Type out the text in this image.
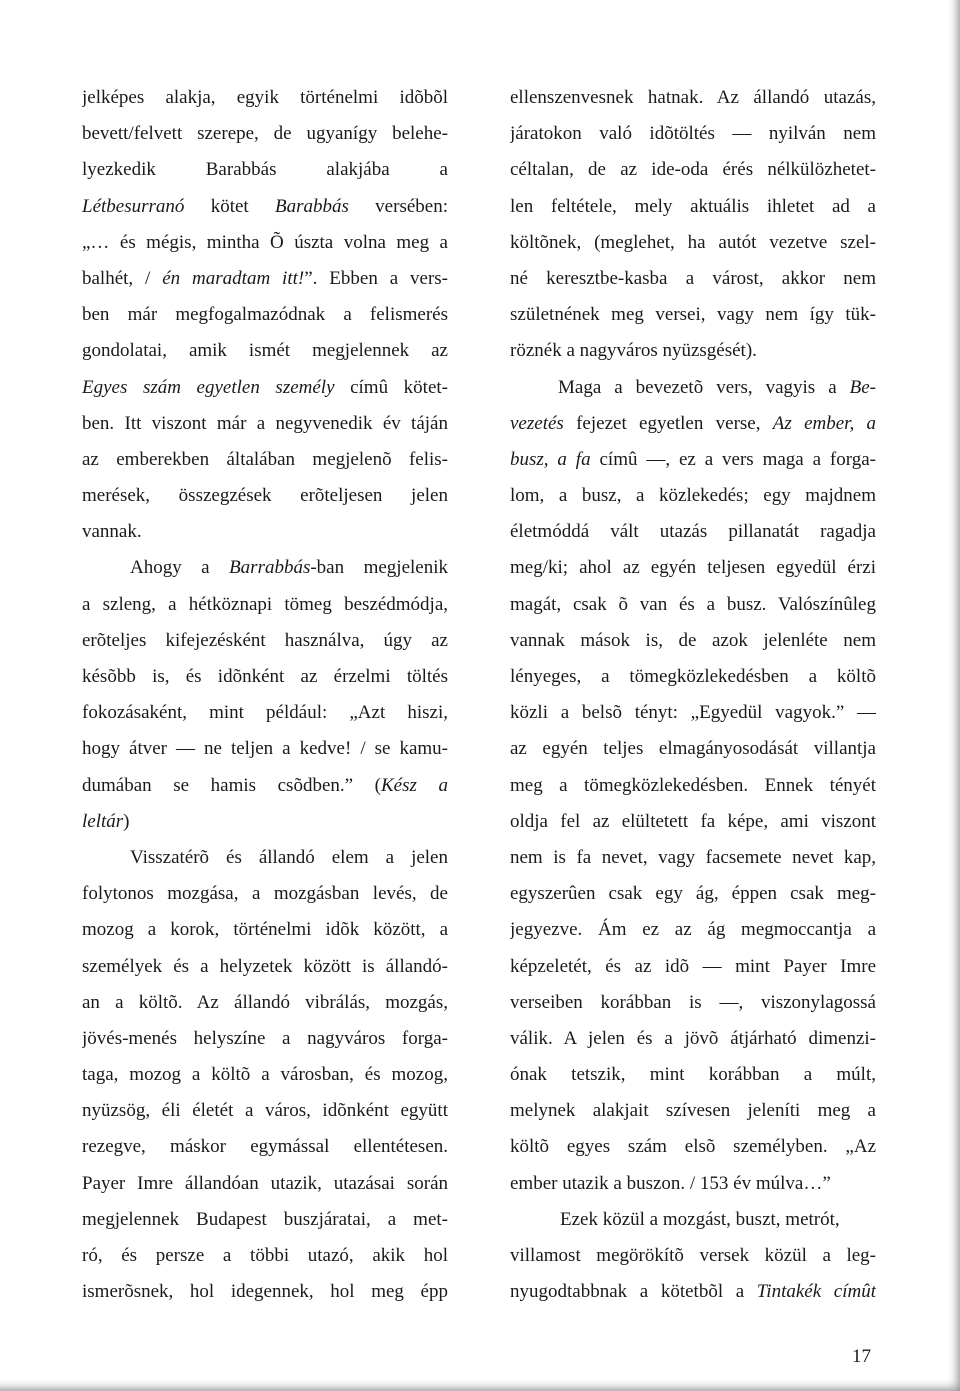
jelképes alakja, egyik történelmi idõbõl
bevett/felvett szerepe, de ugyanígy belehe-
lyezkedik Barabbás alakjába a
Létbesurranó kötet Barabbás versében:
„… és mégis, mintha Õ úszta volna meg a
balhét, / én maradtam itt!”. Ebben a vers-
ben már megfogalmazódnak a felismerés
gondolatai, amik ismét megjelennek az
Egyes szám egyetlen személy címû kötet-
ben. Itt viszont már a negyvenedik év táján
az emberekben általában megjelenõ felis-
merések, összegzések erõteljesen jelen
vannak.
Ahogy a Barrabbás-ban megjelenik
a szleng, a hétköznapi tömeg beszédmódja,
erõteljes kifejezésként használva, úgy az
késõbb is, és idõnként az érzelmi töltés
fokozásaként, mint például: „Azt hiszi,
hogy átver — ne teljen a kedve! / se kamu-
dumában se hamis csõdben.” (Kész a
leltár)
Visszatérõ és állandó elem a jelen
folytonos mozgása, a mozgásban levés, de
mozog a korok, történelmi idõk között, a
személyek és a helyzetek között is állandó-
an a költõ. Az állandó vibrálás, mozgás,
jövés-menés helyszíne a nagyváros forga-
taga, mozog a költõ a városban, és mozog,
nyüzsög, éli életét a város, idõnként együtt
rezegve, máskor egymással ellentétesen.
Payer Imre állandóan utazik, utazásai során
megjelennek Budapest buszjáratai, a met-
ró, és persze a többi utazó, akik hol
ismerõsnek, hol idegennek, hol meg épp
ellenszenvesnek hatnak. Az állandó utazás,
járatokon való idõtöltés — nyilván nem
céltalan, de az ide-oda érés nélkülözhetet-
len feltétele, mely aktuális ihletet ad a
költõnek, (meglehet, ha autót vezetve szel-
né keresztbe-kasba a várost, akkor nem
születnének meg versei, vagy nem így tük-
röznék a nagyváros nyüzsgését).
Maga a bevezetõ vers, vagyis a Be-
vezetés fejezet egyetlen verse, Az ember, a
busz, a fa címû —, ez a vers maga a forga-
lom, a busz, a közlekedés; egy majdnem
életmóddá vált utazás pillanatát ragadja
meg/ki; ahol az egyén teljesen egyedül érzi
magát, csak õ van és a busz. Valószínûleg
vannak mások is, de azok jelenléte nem
lényeges, a tömegközlekedésben a költõ
közli a belsõ tényt: „Egyedül vagyok.” —
az egyén teljes elmagányosodását villantja
meg a tömegközlekedésben. Ennek tényét
oldja fel az elültetett fa képe, ami viszont
nem is fa nevet, vagy facsemete nevet kap,
egyszerûen csak egy ág, éppen csak meg-
jegyezve. Ám ez az ág megmoccantja a
képzeletét, és az idõ — mint Payer Imre
verseiben korábban is —, viszonylagossá
válik. A jelen és a jövõ átjárható dimenzi-
ónak tetszik, mint korábban a múlt,
melynek alakjait szívesen jeleníti meg a
költõ egyes szám elsõ személyben. „Az
ember utazik a buszon. / 153 év múlva…”
Ezek közül a mozgást, buszt, metrót,
villamost megörökítõ versek közül a leg-
nyugodtabbnak a kötetbõl a Tintakék címût
17
